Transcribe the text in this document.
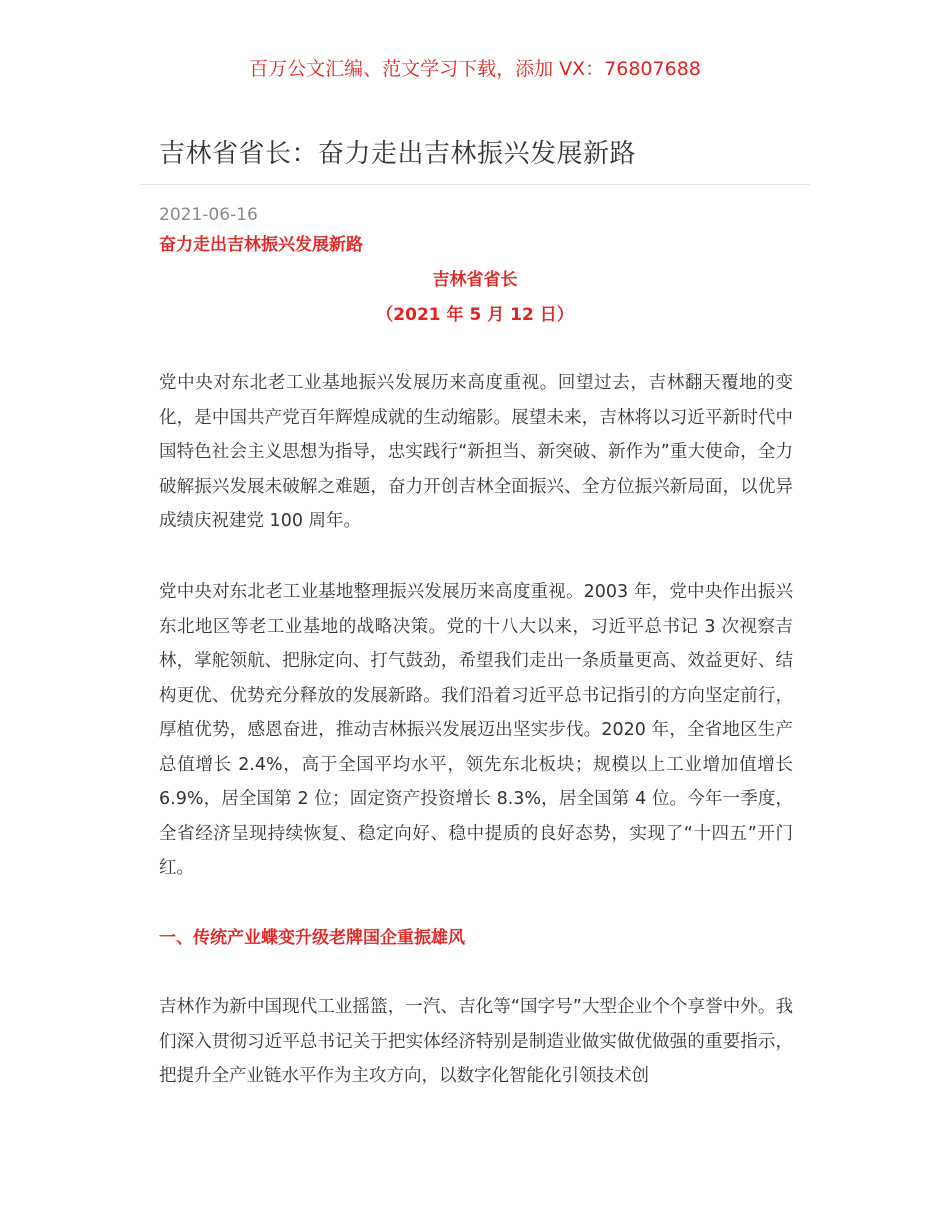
百万公文汇编、范文学习下载，添加 VX：76807688
吉林省省长：奋力走出吉林振兴发展新路
2021-06-16
奋力走出吉林振兴发展新路
吉林省省长
（2021 年 5 月 12 日）

党中央对东北老工业基地振兴发展历来高度重视。回望过去，吉林翻天覆地的变化，是中国共产党百年辉煌成就的生动缩影。展望未来，吉林将以习近平新时代中国特色社会主义思想为指导，忠实践行“新担当、新突破、新作为”重大使命，全力破解振兴发展未破解之难题，奋力开创吉林全面振兴、全方位振兴新局面，以优异成绩庆祝建党 100 周年。

党中央对东北老工业基地整理振兴发展历来高度重视。2003 年，党中央作出振兴东北地区等老工业基地的战略决策。党的十八大以来，习近平总书记 3 次视察吉林，掌舵领航、把脉定向、打气鼓劲，希望我们走出一条质量更高、效益更好、结构更优、优势充分释放的发展新路。我们沿着习近平总书记指引的方向坚定前行，厚植优势，感恩奋进，推动吉林振兴发展迈出坚实步伐。2020 年，全省地区生产总值增长 2.4%，高于全国平均水平，领先东北板块；规模以上工业增加值增长 6.9%，居全国第 2 位；固定资产投资增长 8.3%，居全国第 4 位。今年一季度，全省经济呈现持续恢复、稳定向好、稳中提质的良好态势，实现了“十四五”开门红。

一、传统产业蝶变升级老牌国企重振雄风

吉林作为新中国现代工业摇篮，一汽、吉化等“国字号”大型企业个个享誉中外。我们深入贯彻习近平总书记关于把实体经济特别是制造业做实做优做强的重要指示，把提升全产业链水平作为主攻方向，以数字化智能化引领技术创
